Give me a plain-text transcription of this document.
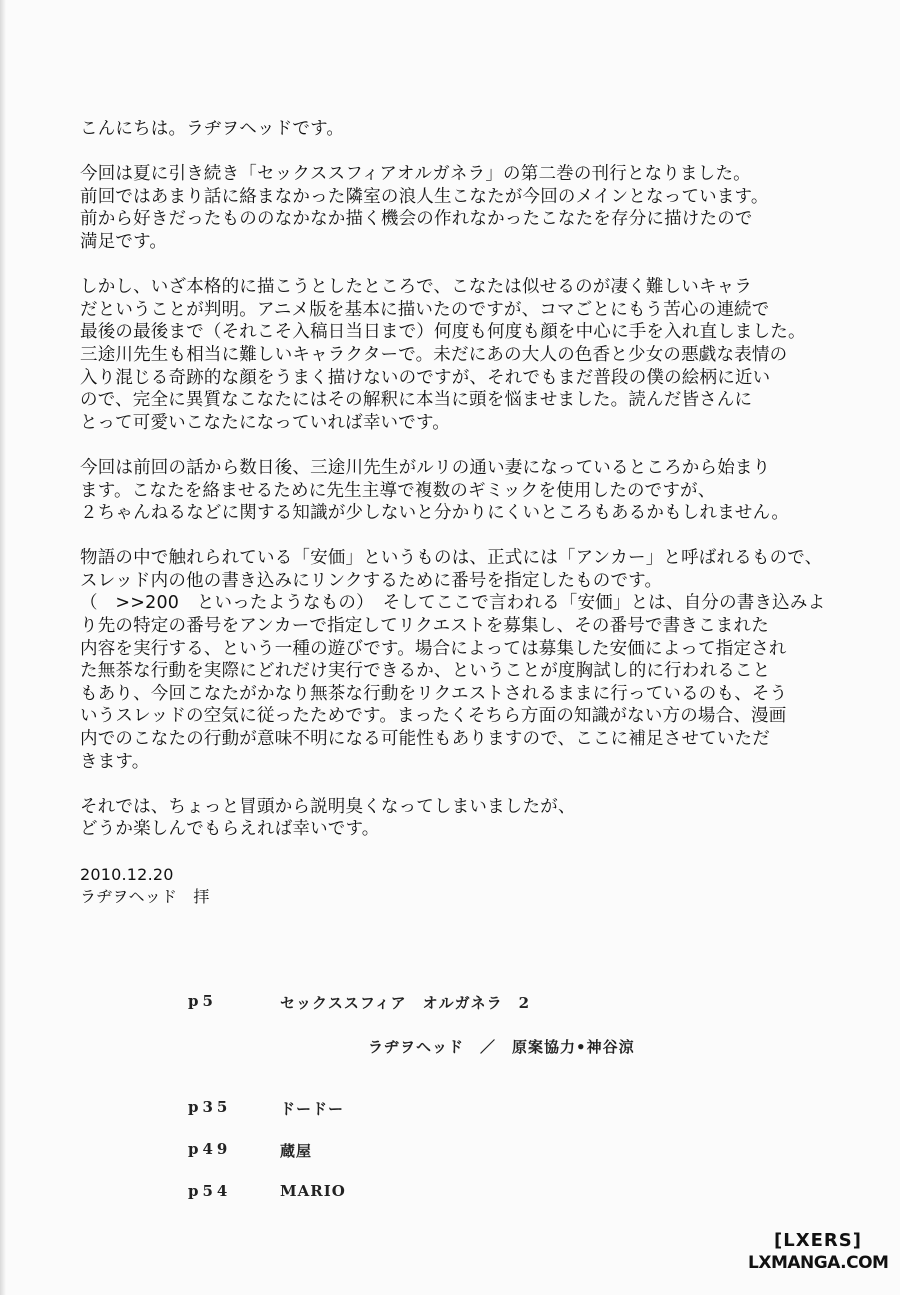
こんにちは。ラヂヲヘッドです。

今回は夏に引き続き「セックススフィアオルガネラ」の第二巻の刊行となりました。
前回ではあまり話に絡まなかった隣室の浪人生こなたが今回のメインとなっています。
前から好きだったもののなかなか描く機会の作れなかったこなたを存分に描けたので
満足です。

しかし、いざ本格的に描こうとしたところで、こなたは似せるのが凄く難しいキャラ
だということが判明。アニメ版を基本に描いたのですが、コマごとにもう苦心の連続で
最後の最後まで（それこそ入稿日当日まで）何度も何度も顔を中心に手を入れ直しました。
三途川先生も相当に難しいキャラクターで。未だにあの大人の色香と少女の悪戯な表情の
入り混じる奇跡的な顔をうまく描けないのですが、それでもまだ普段の僕の絵柄に近い
ので、完全に異質なこなたにはその解釈に本当に頭を悩ませました。読んだ皆さんに
とって可愛いこなたになっていれば幸いです。

今回は前回の話から数日後、三途川先生がルリの通い妻になっているところから始まり
ます。こなたを絡ませるために先生主導で複数のギミックを使用したのですが、
２ちゃんねるなどに関する知識が少しないと分かりにくいところもあるかもしれません。

物語の中で触れられている「安価」というものは、正式には「アンカー」と呼ばれるもので、
スレッド内の他の書き込みにリンクするために番号を指定したものです。
（　>>200　といったようなもの）　そしてここで言われる「安価」とは、自分の書き込みよ
り先の特定の番号をアンカーで指定してリクエストを募集し、その番号で書きこまれた
内容を実行する、という一種の遊びです。場合によっては募集した安価によって指定され
た無茶な行動を実際にどれだけ実行できるか、ということが度胸試し的に行われること
もあり、今回こなたがかなり無茶な行動をリクエストされるままに行っているのも、そう
いうスレッドの空気に従ったためです。まったくそちら方面の知識がない方の場合、漫画
内でのこなたの行動が意味不明になる可能性もありますので、ここに補足させていただ
きます。

それでは、ちょっと冒頭から説明臭くなってしまいましたが、
どうか楽しんでもらえれば幸いです。

2010.12.20
ラヂヲヘッド　拝
p5	セックススフィア　オルガネラ　2
ラヂヲヘッド　／　原案協力•神谷涼
p35	ドードー
p49	蔵屋
p54	MARIO
[LXERS]
LXMANGA.COM
